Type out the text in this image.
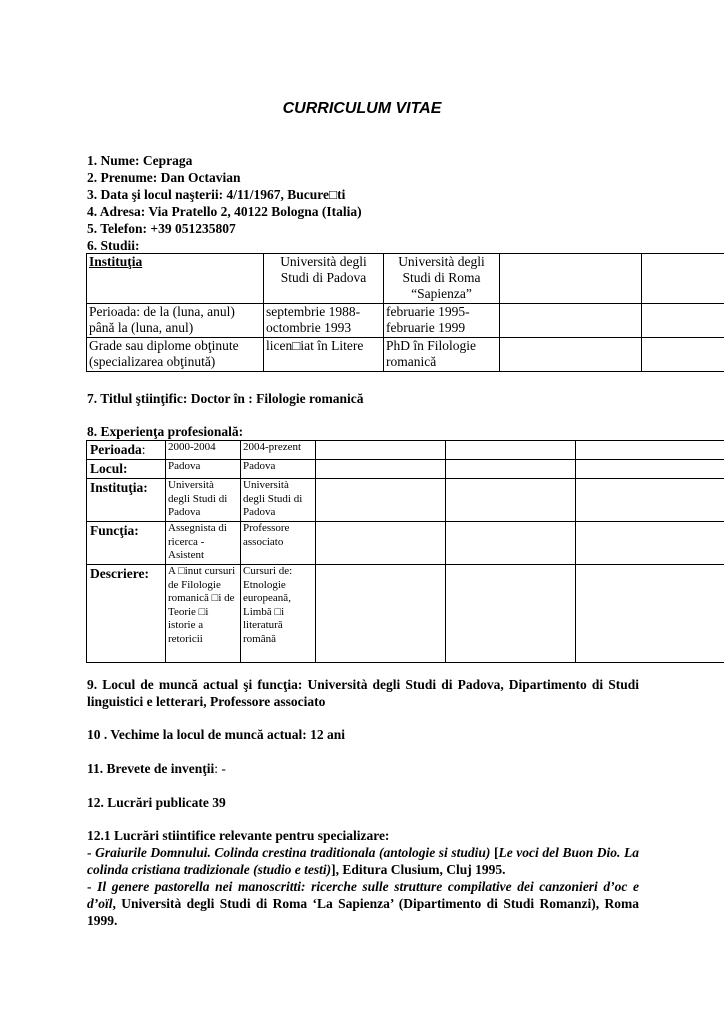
CURRICULUM VITAE
1. Nume: Cepraga
2. Prenume: Dan Octavian
3. Data şi locul naşterii: 4/11/1967, Bucure□ti
4. Adresa: Via Pratello 2, 40122 Bologna (Italia)
5. Telefon: +39 051235807
6. Studii:
Instituţia	Università degli Studi di Padova	Università degli Studi di Roma “Sapienza”		
Perioada: de la (luna, anul) până la (luna, anul)	septembrie 1988-octombrie 1993	februarie 1995-februarie 1999		
Grade sau diplome obţinute (specializarea obţinută)	licen□iat în Litere	PhD în Filologie romanică		
7. Titlul ştiinţific: Doctor în : Filologie romanică
8. Experienţa profesională:
Perioada:	2000-2004	2004-prezent			
Locul:	Padova	Padova			
Instituţia:	Università degli Studi di Padova	Università degli Studi di Padova			
Funcţia:	Assegnista di ricerca - Asistent	Professore associato			
Descriere:	A □inut cursuri de Filologie romanică □i de Teorie □i istorie a retoricii	Cursuri de: Etnologie europeană, Limbă □i literatură română			
9. Locul de muncă actual şi funcţia: Università degli Studi di Padova, Dipartimento di Studi linguistici e letterari, Professore associato
10 . Vechime la locul de muncă actual: 12 ani
11. Brevete de invenţii: -
12. Lucrări publicate 39
12.1 Lucrări stiintifice relevante pentru specializare:
- Graiurile Domnului. Colinda crestina traditionala (antologie si studiu) [Le voci del Buon Dio. La colinda cristiana tradizionale (studio e testi)], Editura Clusium, Cluj 1995.
- Il genere pastorella nei manoscritti: ricerche sulle strutture compilative dei canzonieri d’oc e d’oïl, Università degli Studi di Roma ‘La Sapienza’ (Dipartimento di Studi Romanzi), Roma 1999.
